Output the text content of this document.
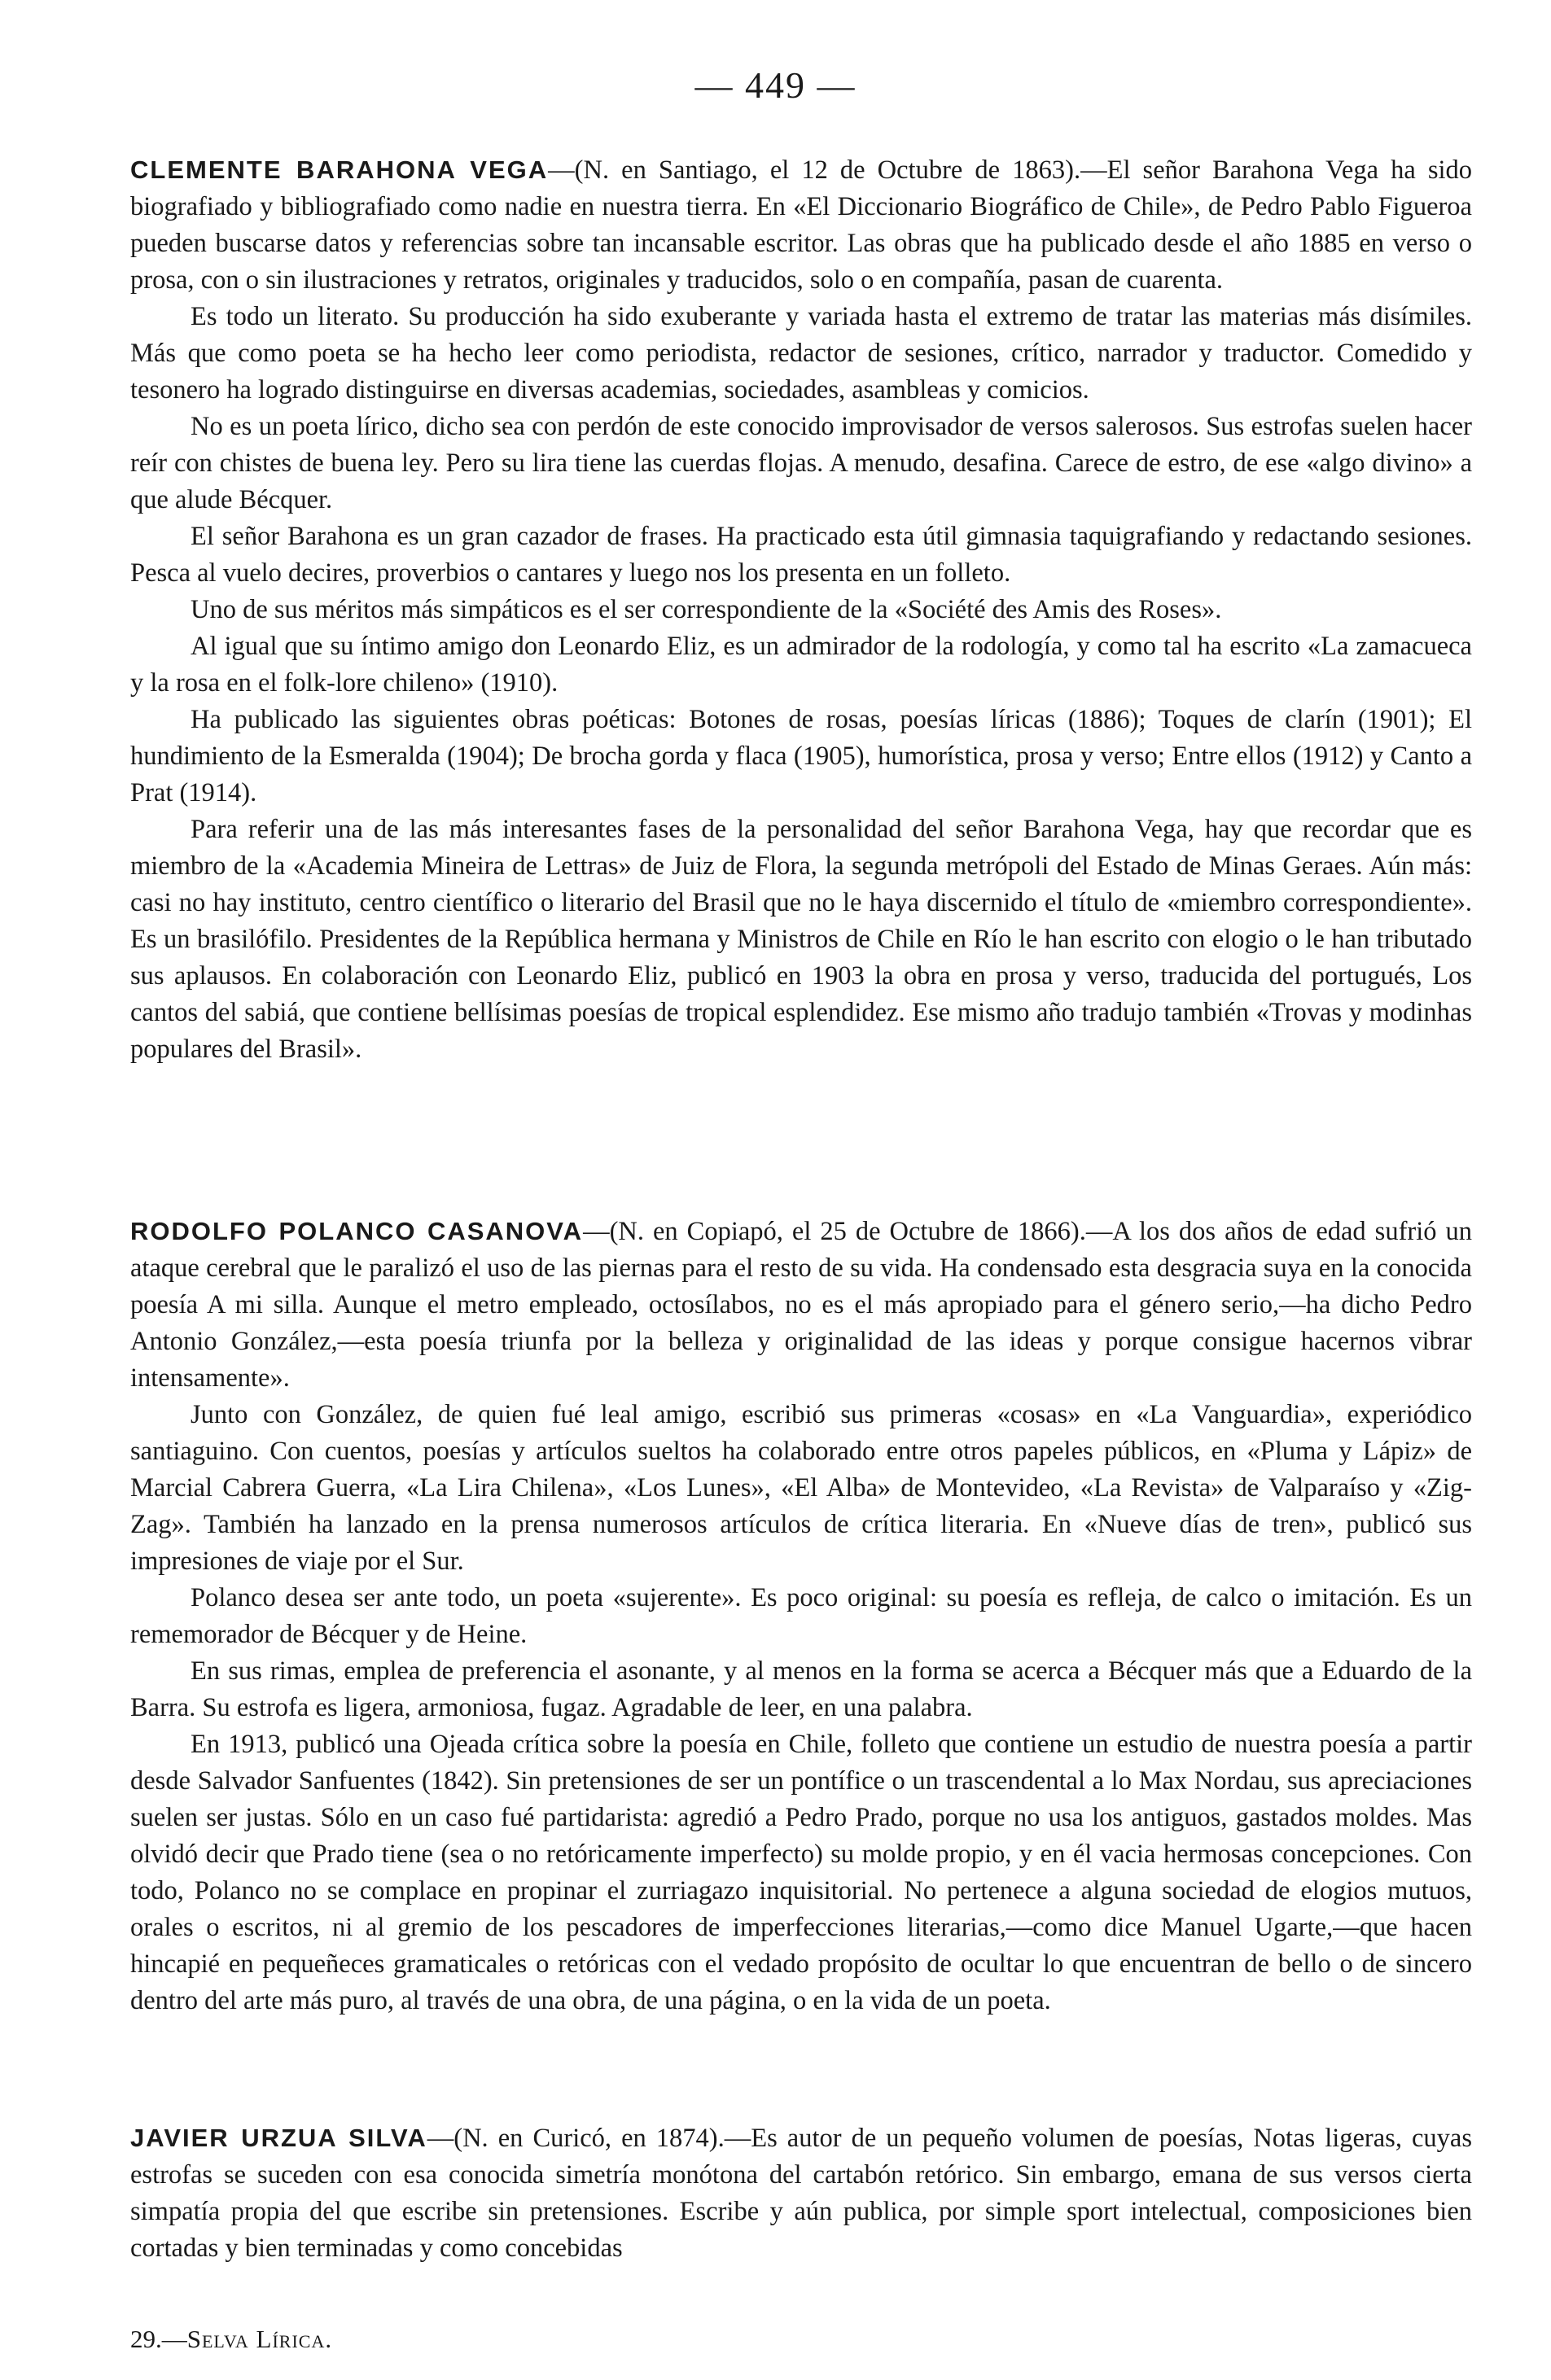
— 449 —

CLEMENTE BARAHONA VEGA—(N. en Santiago, el 12 de Octubre de 1863).—El señor Barahona Vega ha sido biografiado y bibliografiado como nadie en nuestra tierra. En «El Diccionario Biográfico de Chile», de Pedro Pablo Figueroa pueden buscarse datos y referencias sobre tan incansable escritor. Las obras que ha publicado desde el año 1885 en verso o prosa, con o sin ilustraciones y retratos, originales y traducidos, solo o en compañía, pasan de cuarenta.

Es todo un literato. Su producción ha sido exuberante y variada hasta el extremo de tratar las materias más disímiles. Más que como poeta se ha hecho leer como periodista, redactor de sesiones, crítico, narrador y traductor. Comedido y tesonero ha logrado distinguirse en diversas academias, sociedades, asambleas y comicios.

No es un poeta lírico, dicho sea con perdón de este conocido improvisador de versos salerosos. Sus estrofas suelen hacer reír con chistes de buena ley. Pero su lira tiene las cuerdas flojas. A menudo, desafina. Carece de estro, de ese «algo divino» a que alude Bécquer.

El señor Barahona es un gran cazador de frases. Ha practicado esta útil gimnasia taquigrafiando y redactando sesiones. Pesca al vuelo decires, proverbios o cantares y luego nos los presenta en un folleto.

Uno de sus méritos más simpáticos es el ser correspondiente de la «Société des Amis des Roses».

Al igual que su íntimo amigo don Leonardo Eliz, es un admirador de la rodología, y como tal ha escrito «La zamacueca y la rosa en el folk-lore chileno» (1910).

Ha publicado las siguientes obras poéticas: Botones de rosas, poesías líricas (1886); Toques de clarín (1901); El hundimiento de la Esmeralda (1904); De brocha gorda y flaca (1905), humorística, prosa y verso; Entre ellos (1912) y Canto a Prat (1914).

Para referir una de las más interesantes fases de la personalidad del señor Barahona Vega, hay que recordar que es miembro de la «Academia Mineira de Lettras» de Juiz de Flora, la segunda metrópoli del Estado de Minas Geraes. Aún más: casi no hay instituto, centro científico o literario del Brasil que no le haya discernido el título de «miembro correspondiente». Es un brasilófilo. Presidentes de la República hermana y Ministros de Chile en Río le han escrito con elogio o le han tributado sus aplausos. En colaboración con Leonardo Eliz, publicó en 1903 la obra en prosa y verso, traducida del portugués, Los cantos del sabiá, que contiene bellísimas poesías de tropical esplendidez. Ese mismo año tradujo también «Trovas y modinhas populares del Brasil».

RODOLFO POLANCO CASANOVA—(N. en Copiapó, el 25 de Octubre de 1866).—A los dos años de edad sufrió un ataque cerebral que le paralizó el uso de las piernas para el resto de su vida. Ha condensado esta desgracia suya en la conocida poesía A mi silla. Aunque el metro empleado, octosílabos, no es el más apropiado para el género serio,—ha dicho Pedro Antonio González,—esta poesía triunfa por la belleza y originalidad de las ideas y porque consigue hacernos vibrar intensamente».

Junto con González, de quien fué leal amigo, escribió sus primeras «cosas» en «La Vanguardia», experiódico santiaguino. Con cuentos, poesías y artículos sueltos ha colaborado entre otros papeles públicos, en «Pluma y Lápiz» de Marcial Cabrera Guerra, «La Lira Chilena», «Los Lunes», «El Alba» de Montevideo, «La Revista» de Valparaíso y «Zig-Zag». También ha lanzado en la prensa numerosos artículos de crítica literaria. En «Nueve días de tren», publicó sus impresiones de viaje por el Sur.

Polanco desea ser ante todo, un poeta «sujerente». Es poco original: su poesía es refleja, de calco o imitación. Es un rememorador de Bécquer y de Heine.

En sus rimas, emplea de preferencia el asonante, y al menos en la forma se acerca a Bécquer más que a Eduardo de la Barra. Su estrofa es ligera, armoniosa, fugaz. Agradable de leer, en una palabra.

En 1913, publicó una Ojeada crítica sobre la poesía en Chile, folleto que contiene un estudio de nuestra poesía a partir desde Salvador Sanfuentes (1842). Sin pretensiones de ser un pontífice o un trascendental a lo Max Nordau, sus apreciaciones suelen ser justas. Sólo en un caso fué partidarista: agredió a Pedro Prado, porque no usa los antiguos, gastados moldes. Mas olvidó decir que Prado tiene (sea o no retóricamente imperfecto) su molde propio, y en él vacia hermosas concepciones. Con todo, Polanco no se complace en propinar el zurriagazo inquisitorial. No pertenece a alguna sociedad de elogios mutuos, orales o escritos, ni al gremio de los pescadores de imperfecciones literarias,—como dice Manuel Ugarte,—que hacen hincapié en pequeñeces gramaticales o retóricas con el vedado propósito de ocultar lo que encuentran de bello o de sincero dentro del arte más puro, al través de una obra, de una página, o en la vida de un poeta.

JAVIER URZUA SILVA—(N. en Curicó, en 1874).—Es autor de un pequeño volumen de poesías, Notas ligeras, cuyas estrofas se suceden con esa conocida simetría monótona del cartabón retórico. Sin embargo, emana de sus versos cierta simpatía propia del que escribe sin pretensiones. Escribe y aún publica, por simple sport intelectual, composiciones bien cortadas y bien terminadas y como concebidas

29.—Selva Lírica.
